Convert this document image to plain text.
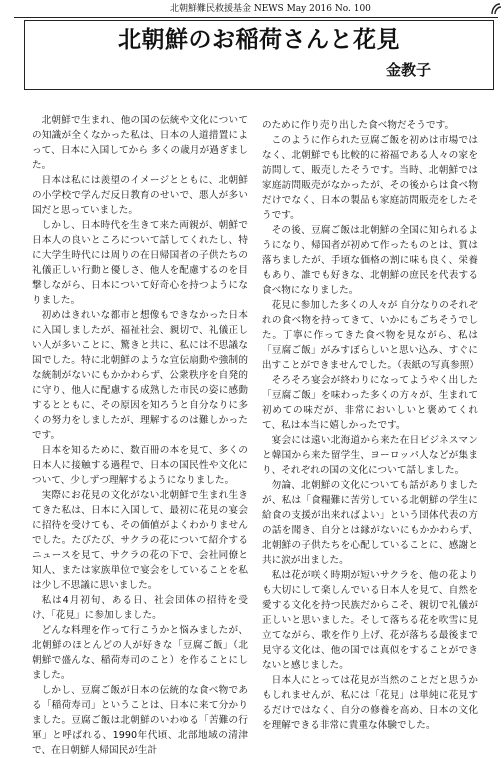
北朝鮮難民救援基金 NEWS May 2016 No. 100
北朝鮮のお稲荷さんと花見
金教子

北朝鮮で生まれ、他の国の伝統や文化についての知識が全くなかった私は、日本の人道措置によって、日本に入国してから 多くの歳月が過ぎました。

日本は私には羨望のイメージとともに、北朝鮮の小学校で学んだ反日教育のせいで、悪人が多い国だと思っていました。

しかし、日本時代を生きて来た両親が、朝鮮で日本人の良いところについて話してくれたし、特に大学生時代には周りの在日帰国者の子供たちの礼儀正しい行動と優しさ、他人を配慮するのを目撃しながら、日本について好奇心を持つようになりました。

初めはきれいな都市と想像もできなかった日本に入国しましたが、福祉社会、親切で、礼儀正しい人が多いことに、驚きと共に、私には不思議な国でした。特に北朝鮮のような宣伝扇動や強制的な統制がないにもかかわらず、公衆秩序を自発的に守り、他人に配慮する成熟した市民の姿に感動するとともに、その原因を知ろうと自分なりに多くの努力をしましたが、理解するのは難しかったです。

日本を知るために、数百冊の本を見て、多くの日本人に接触する過程で、日本の国民性や文化について、少しずつ理解するようになりました。

実際にお花見の文化がない北朝鮮で生まれ生きてきた私は、日本に入国して、最初に花見の宴会に招待を受けても、その価値がよくわかりませんでした。たびたび、サクラの花について紹介するニュースを見て、サクラの花の下で、会社同僚と知人、または家族単位で宴会をしていることを私は少し不思議に思いました。

私は4月初旬、ある日、社会団体の招待を受け、「花見」に参加しました。

どんな料理を作って行こうかと悩みましたが、北朝鮮のほとんどの人が好きな「豆腐ご飯」（北朝鮮で盛んな、稲荷寿司のこと）を作ることにしました。

しかし、豆腐ご飯が日本の伝統的な食べ物である「稲荷寿司」ということは、日本に来て分かりました。豆腐ご飯は北朝鮮のいわゆる「苦難の行軍」と呼ばれる、1990年代頃、北部地域の清津で、在日朝鮮人帰国民が生計

のために作り売り出した食べ物だそうです。

このように作られた豆腐ご飯を初めは市場ではなく、北朝鮮でも比較的に裕福である人々の家を訪問して、販売したそうです。当時、北朝鮮では家庭訪問販売がなかったが、その後からは食べ物だけでなく、日本の製品も家庭訪問販売をしたそうです。

その後、豆腐ご飯は北朝鮮の全国に知られるようになり、帰国者が初めて作ったものとは、質は落ちましたが、手頃な価格の割に味も良く、栄養もあり、誰でも好きな、北朝鮮の庶民を代表する食べ物になりました。

花見に参加した多くの人々が 自分なりのそれぞれの食べ物を持ってきて、いかにもごちそうでした。丁寧に作ってきた食べ物を見ながら、私は「豆腐ご飯」がみすぼらしいと思い込み、すぐに出すことができませんでした。（表紙の写真参照）

そろそろ宴会が終わりになってようやく出した「豆腐ご飯」を味わった多くの方々が、生まれて初めての味だが、非常においしいと褒めてくれて、私は本当に嬉しかったです。

宴会には遠い北海道から来た在日ビジネスマンと韓国から来た留学生、ヨーロッパ人などが集まり、それぞれの国の文化について話しました。

勿論、北朝鮮の文化についても話がありましたが、私は「食糧難に苦労している北朝鮮の学生に給食の支援が出来ればよい」という団体代表の方の話を聞き、自分とは縁がないにもかかわらず、北朝鮮の子供たちを心配していることに、感謝と共に涙が出ました。

私は花が咲く時期が短いサクラを、他の花よりも大切にして楽しんでいる日本人を見て、自然を愛する文化を持つ民族だからこそ、親切で礼儀が正しいと思いました。そして落ちる花を吹雪に見立てながら、歌を作り上げ、花が落ちる最後まで見守る文化は、他の国では真似をすることができないと感じました。

日本人にとっては花見が当然のことだと思うかもしれませんが、私には「花見」は単純に花見するだけではなく、自分の修養を高め、日本の文化を理解できる非常に貴重な体験でした。
